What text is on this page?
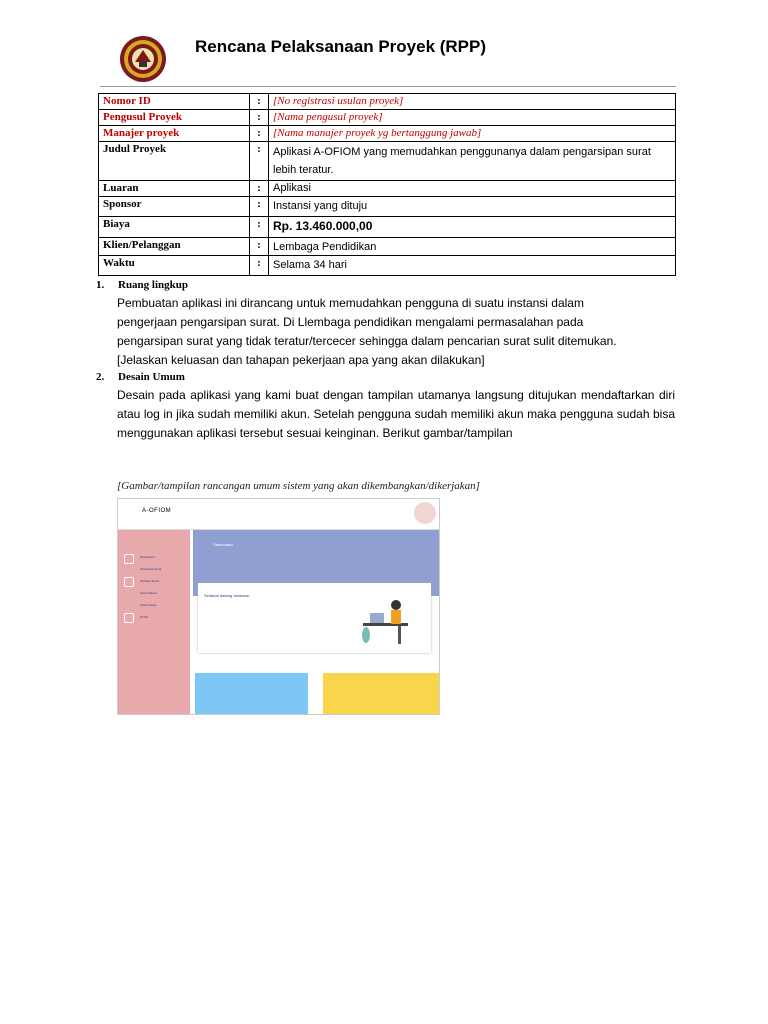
Rencana Pelaksanaan Proyek (RPP)
Nomor ID	:	[No registrasi usulan proyek]
Pengusul Proyek	:	[Nama pengusul proyek]
Manajer proyek	:	[Nama manajer proyek yg bertanggung jawab]
Judul Proyek	:	Aplikasi A-OFIOM yang memudahkan penggunanya dalam pengarsipan surat lebih teratur.
Luaran	:	Aplikasi
Sponsor	:	Instansi yang dituju
Biaya	:	Rp. 13.460.000,00
Klien/Pelanggan	:	Lembaga Pendidikan
Waktu	:	Selama 34 hari
1. Ruang lingkup
Pembuatan aplikasi ini dirancang untuk memudahkan pengguna di suatu instansi dalam
pengerjaan pengarsipan surat. Di Llembaga pendidikan mengalami permasalahan pada
pengarsipan surat yang tidak teratur/tercecer sehingga dalam pencarian surat sulit ditemukan.
[Jelaskan keluasan dan tahapan pekerjaan apa yang akan dilakukan]
2. Desain Umum
Desain pada aplikasi yang kami buat dengan tampilan utamanya langsung ditujukan mendaftarkan diri atau log in jika sudah memiliki akun. Setelah pengguna sudah memiliki akun maka pengguna sudah bisa menggunakan aplikasi tersebut sesuai keinginan. Berikut gambar/tampilan
[Gambar/tampilan rancangan umum sistem yang akan dikembangkan/dikerjakan]
A-OFIOM
Dashboard
Pengelola Surat
Tambah Surat
Surat Masuk
Surat Keluar
Profile
Dashboard
Selamat datang Vanessa!
